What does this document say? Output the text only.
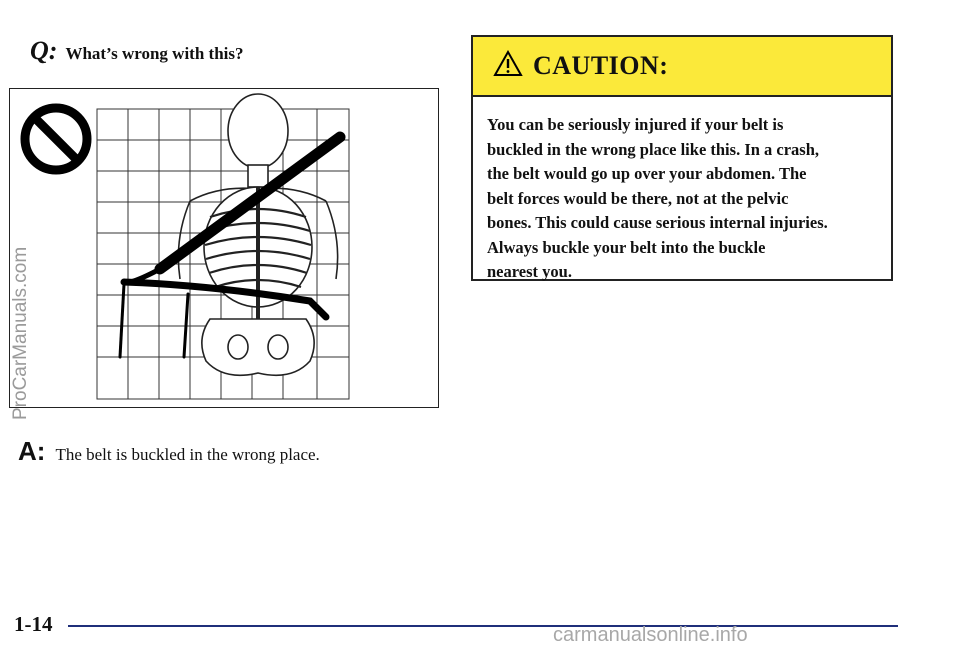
Q: What’s wrong with this?
A: The belt is buckled in the wrong place.
CAUTION:
You can be seriously injured if your belt is
buckled in the wrong place like this. In a crash,
the belt would go up over your abdomen. The
belt forces would be there, not at the pelvic
bones. This could cause serious internal injuries.
Always buckle your belt into the buckle
nearest you.
ProCarManuals.com
1-14	carmanualsonline.info
